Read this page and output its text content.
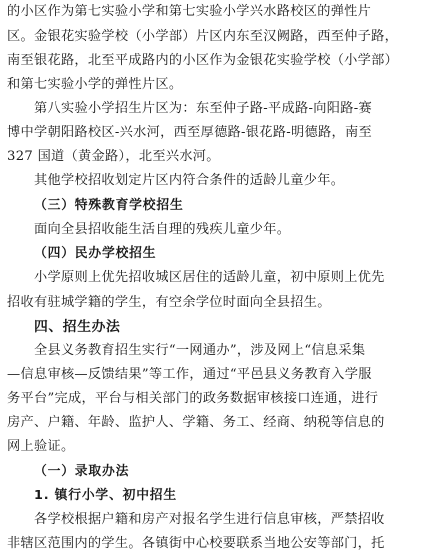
的小区作为第七实验小学和第七实验小学兴水路校区的弹性片
区。金银花实验学校（小学部）片区内东至汉阙路，西至仲子路，
南至银花路，北至平成路内的小区作为金银花实验学校（小学部）
和第七实验小学的弹性片区。
第八实验小学招生片区为：东至仲子路-平成路-向阳路-赛
博中学朝阳路校区-兴水河，西至厚德路-银花路-明德路，南至
327 国道（黄金路），北至兴水河。
其他学校招收划定片区内符合条件的适龄儿童少年。
（三）特殊教育学校招生
面向全县招收能生活自理的残疾儿童少年。
（四）民办学校招生
小学原则上优先招收城区居住的适龄儿童，初中原则上优先
招收有驻城学籍的学生，有空余学位时面向全县招生。
四、招生办法
全县义务教育招生实行“一网通办”，涉及网上“信息采集
—信息审核—反馈结果”等工作，通过“平邑县义务教育入学服
务平台”完成，平台与相关部门的政务数据审核接口连通，进行
房产、户籍、年龄、监护人、学籍、务工、经商、纳税等信息的
网上验证。
（一）录取办法
1. 镇行小学、初中招生
各学校根据户籍和房产对报名学生进行信息审核，严禁招收
非辖区范围内的学生。各镇街中心校要联系当地公安等部门，托
